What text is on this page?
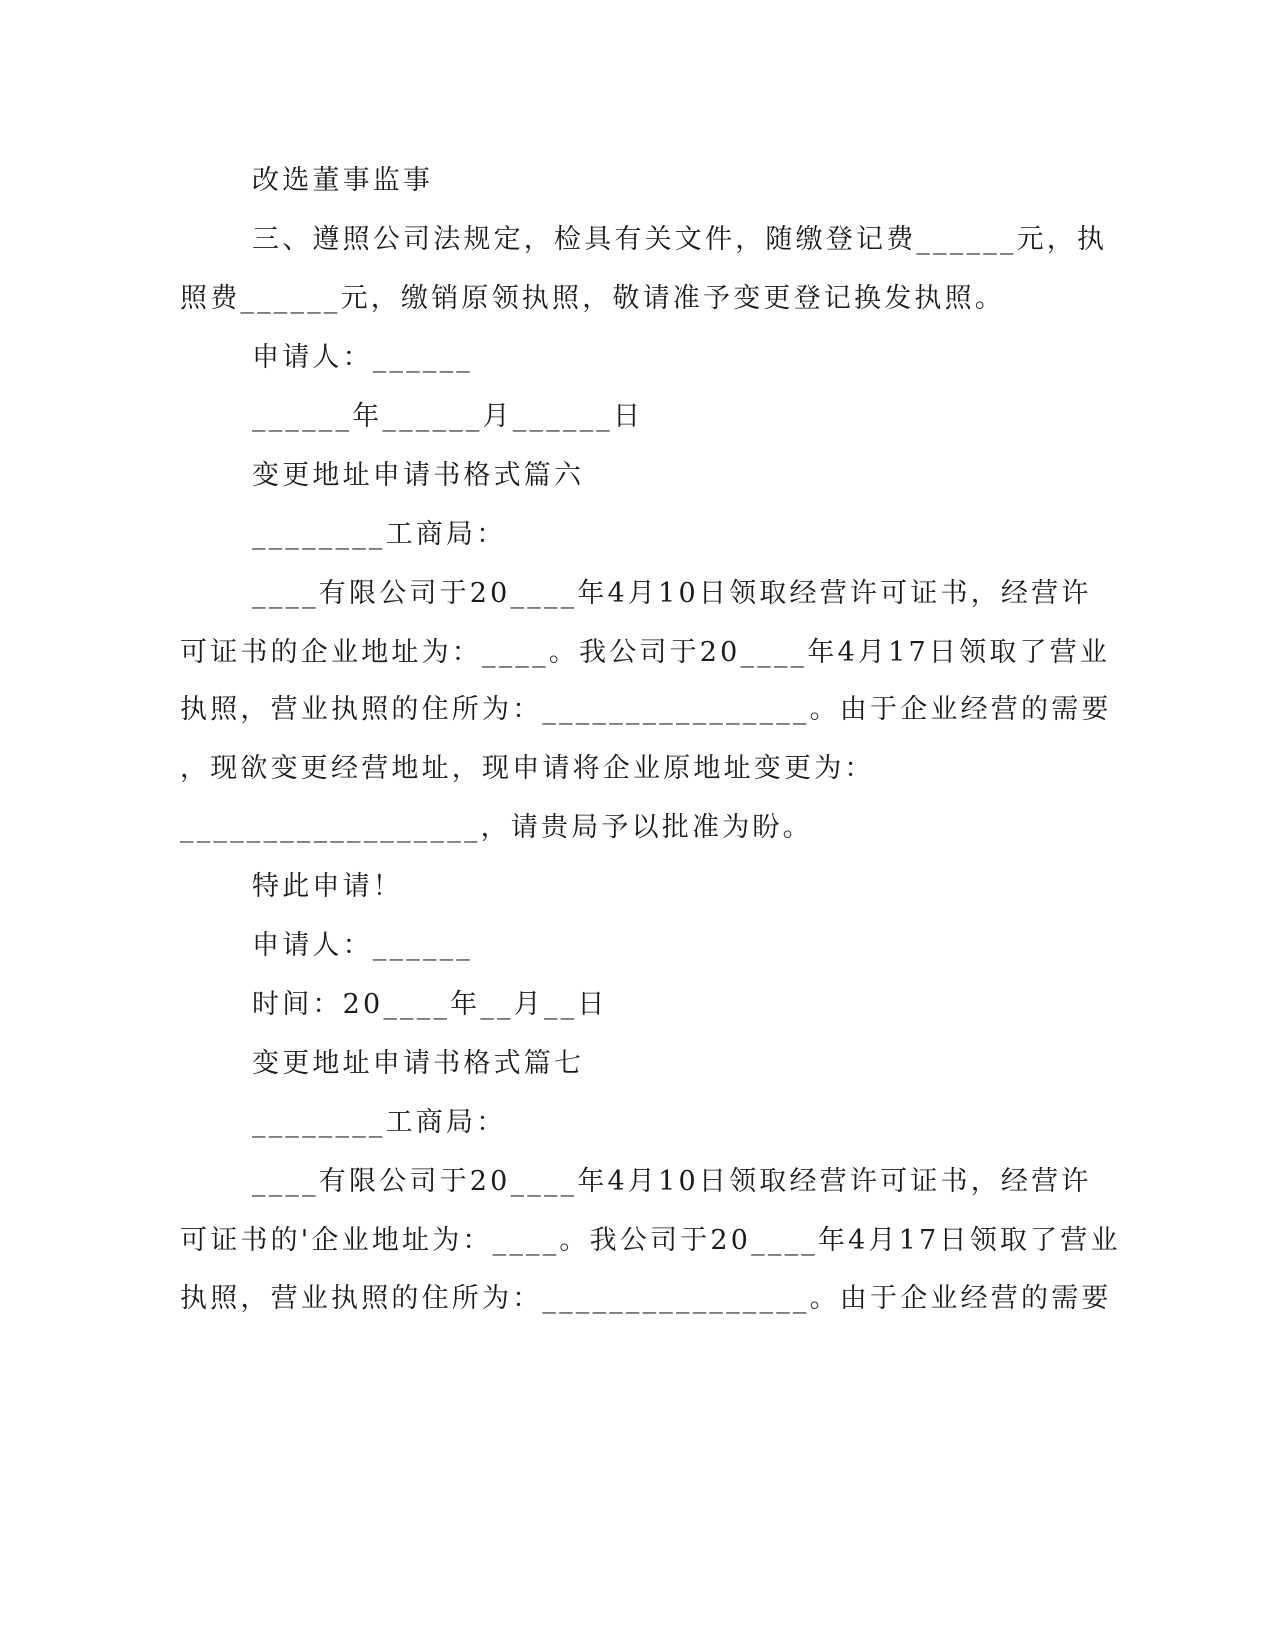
改选董事监事
三、遵照公司法规定，检具有关文件，随缴登记费______元，执
照费______元，缴销原领执照，敬请准予变更登记换发执照。
申请人：______
______年______月______日
变更地址申请书格式篇六
________工商局：
____有限公司于20____年4月10日领取经营许可证书，经营许
可证书的企业地址为：____。我公司于20____年4月17日领取了营业
执照，营业执照的住所为：________________。由于企业经营的需要
，现欲变更经营地址，现申请将企业原地址变更为：
__________________，请贵局予以批准为盼。
特此申请！
申请人：______
时间：20____年__月__日
变更地址申请书格式篇七
________工商局：
____有限公司于20____年4月10日领取经营许可证书，经营许
可证书的'企业地址为：____。我公司于20____年4月17日领取了营业
执照，营业执照的住所为：________________。由于企业经营的需要
